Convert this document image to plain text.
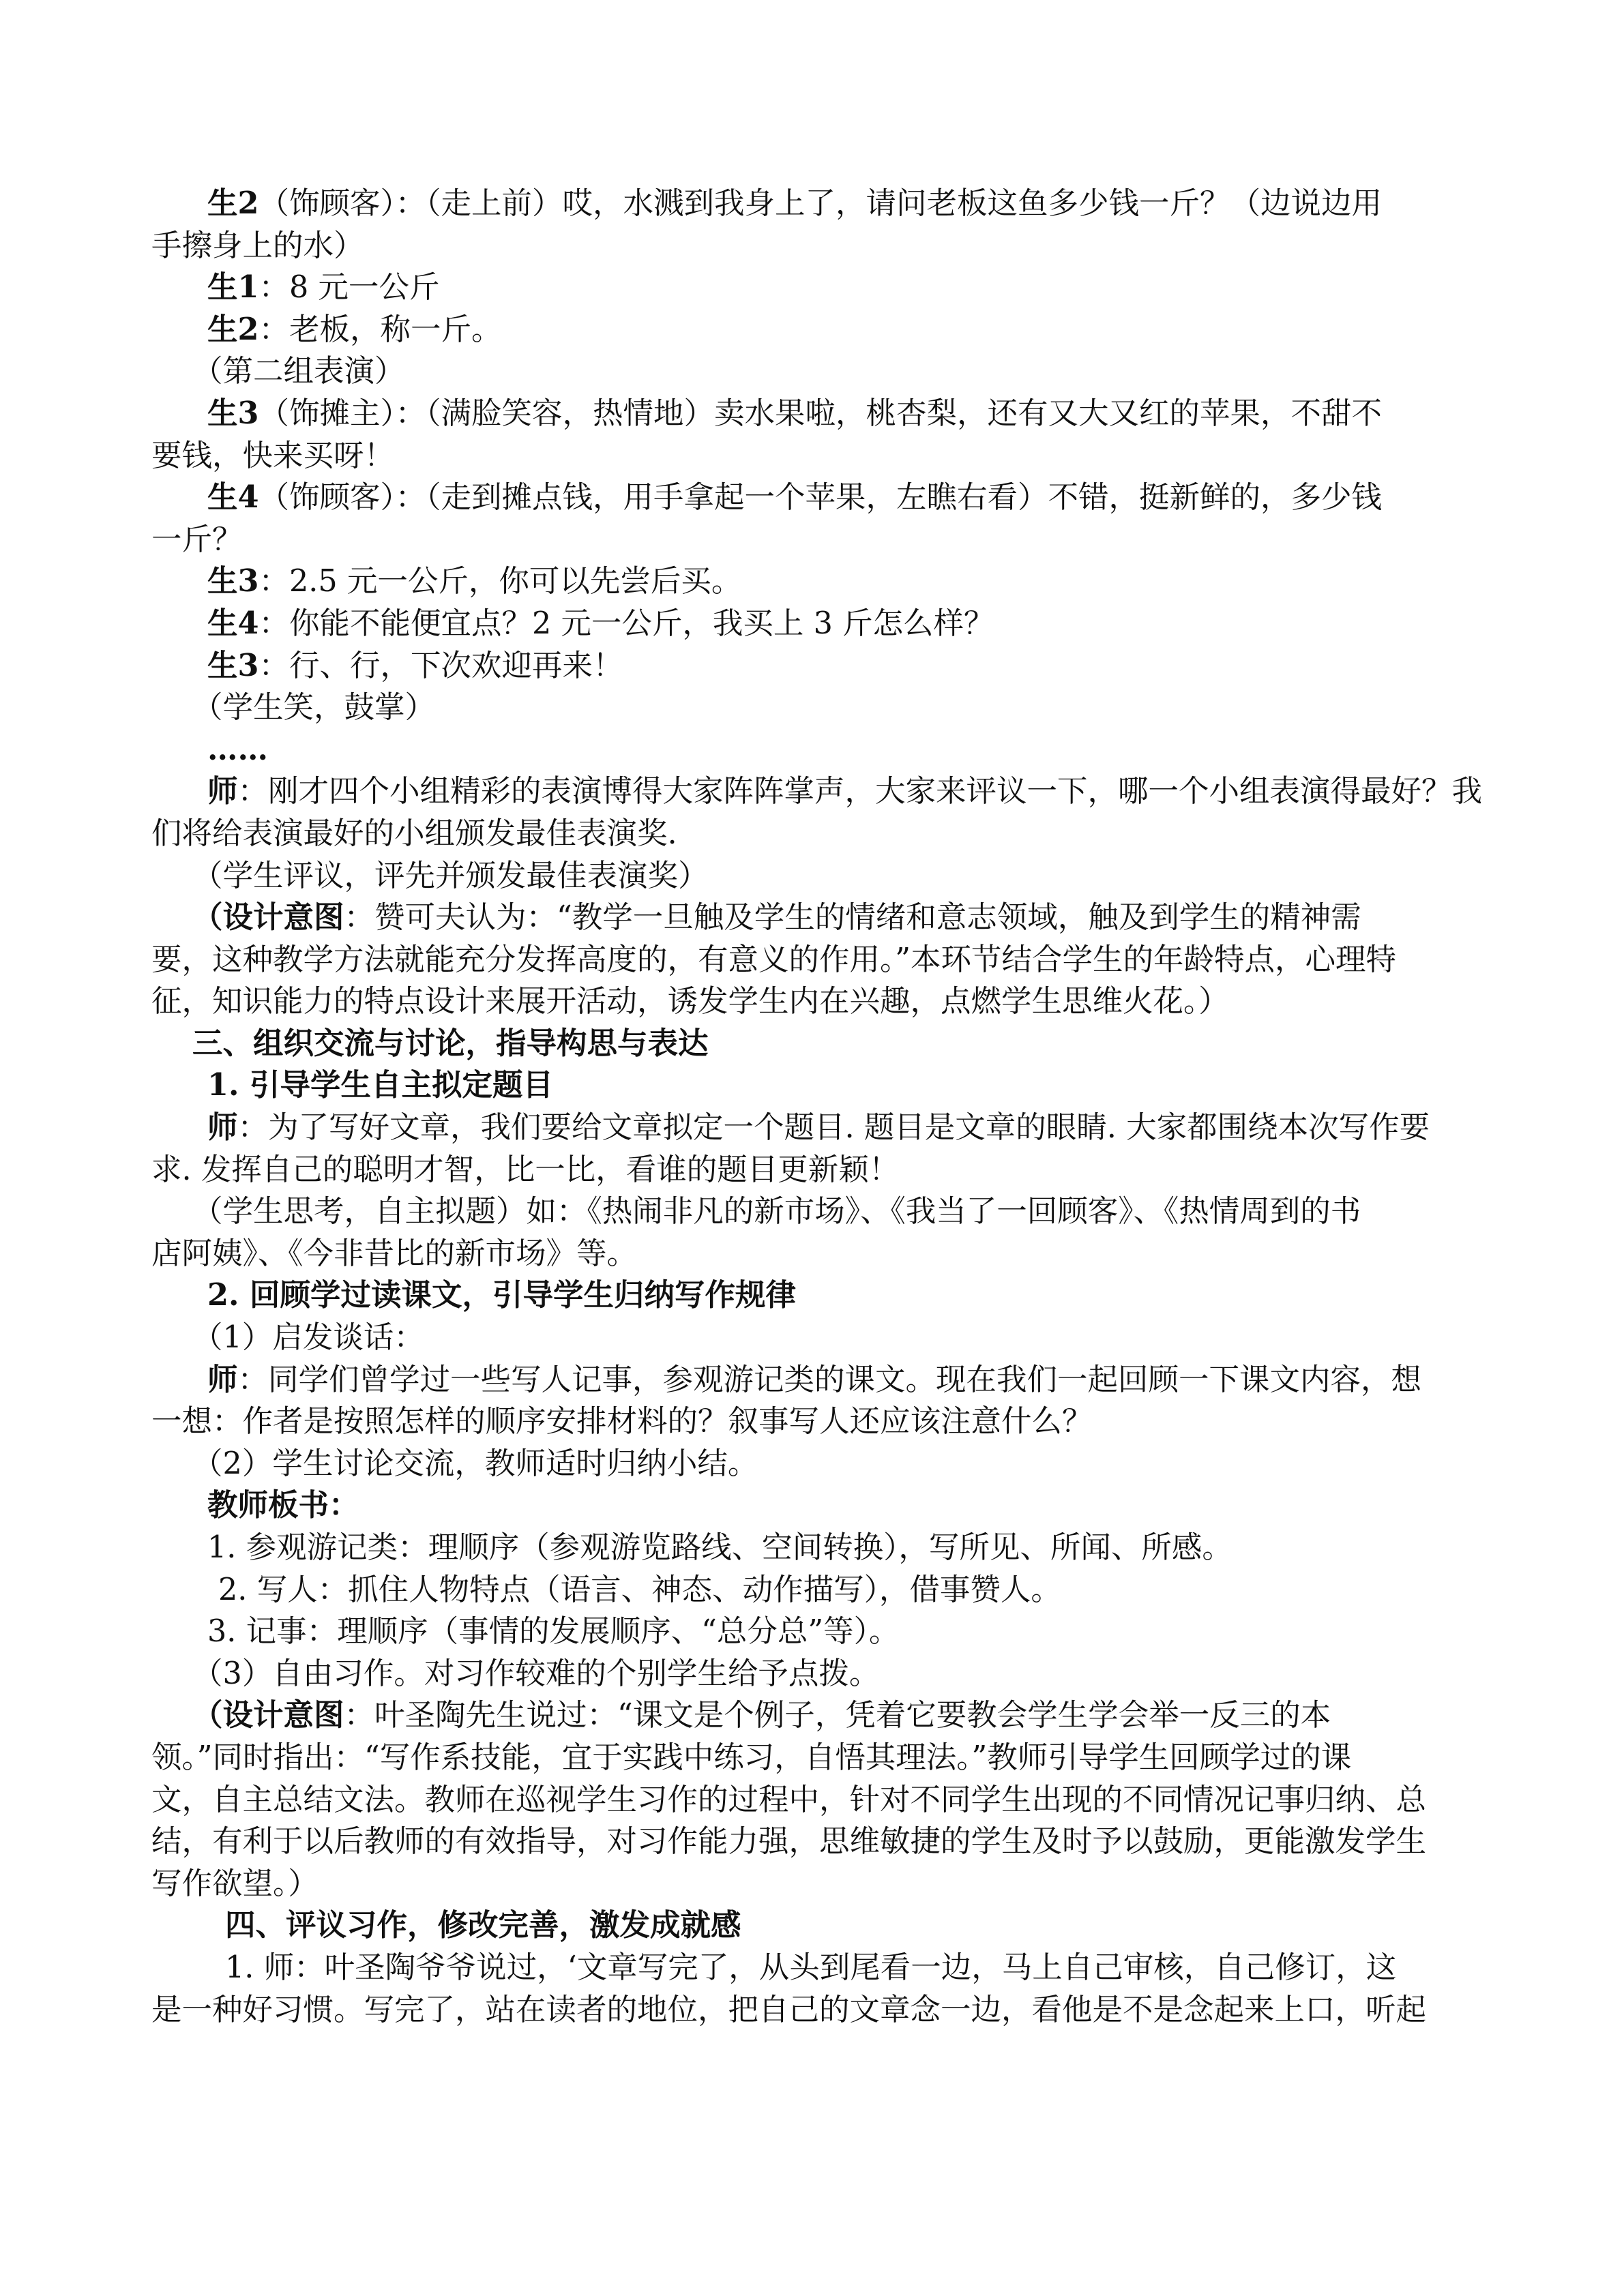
生2（饰顾客）：（走上前）哎，水溅到我身上了，请问老板这鱼多少钱一斤？（边说边用
手擦身上的水）
生1：8 元一公斤
生2：老板，称一斤。
（第二组表演）
生3（饰摊主）：（满脸笑容，热情地）卖水果啦，桃杏梨，还有又大又红的苹果，不甜不
要钱，快来买呀！
生4（饰顾客）：（走到摊点钱，用手拿起一个苹果，左瞧右看）不错，挺新鲜的，多少钱
一斤？
生3：2.5 元一公斤，你可以先尝后买。
生4：你能不能便宜点？2 元一公斤，我买上 3 斤怎么样？
生3：行、行，下次欢迎再来！
（学生笑，鼓掌）
……
师：刚才四个小组精彩的表演博得大家阵阵掌声，大家来评议一下，哪一个小组表演得最好？我
们将给表演最好的小组颁发最佳表演奖.
（学生评议，评先并颁发最佳表演奖）
（设计意图：赞可夫认为：“教学一旦触及学生的情绪和意志领域，触及到学生的精神需
要，这种教学方法就能充分发挥高度的，有意义的作用。”本环节结合学生的年龄特点，心理特
征，知识能力的特点设计来展开活动，诱发学生内在兴趣，点燃学生思维火花。）
三、组织交流与讨论，指导构思与表达
1. 引导学生自主拟定题目
师：为了写好文章，我们要给文章拟定一个题目. 题目是文章的眼睛. 大家都围绕本次写作要
求. 发挥自己的聪明才智，比一比，看谁的题目更新颖！
（学生思考，自主拟题）如：《热闹非凡的新市场》、《我当了一回顾客》、《热情周到的书
店阿姨》、《今非昔比的新市场》等。
2. 回顾学过读课文，引导学生归纳写作规律
（1）启发谈话：
师：同学们曾学过一些写人记事，参观游记类的课文。现在我们一起回顾一下课文内容，想
一想：作者是按照怎样的顺序安排材料的？叙事写人还应该注意什么？
（2）学生讨论交流，教师适时归纳小结。
教师板书：
1. 参观游记类：理顺序（参观游览路线、空间转换），写所见、所闻、所感。
2. 写人：抓住人物特点（语言、神态、动作描写），借事赞人。
3. 记事：理顺序（事情的发展顺序、“总分总”等）。
（3）自由习作。对习作较难的个别学生给予点拨。
（设计意图：叶圣陶先生说过：“课文是个例子，凭着它要教会学生学会举一反三的本
领。”同时指出：“写作系技能，宜于实践中练习，自悟其理法。”教师引导学生回顾学过的课
文，自主总结文法。教师在巡视学生习作的过程中，针对不同学生出现的不同情况记事归纳、总
结，有利于以后教师的有效指导，对习作能力强，思维敏捷的学生及时予以鼓励，更能激发学生
写作欲望。）
四、评议习作，修改完善，激发成就感
1. 师：叶圣陶爷爷说过，‘文章写完了，从头到尾看一边，马上自己审核，自己修订，这
是一种好习惯。写完了，站在读者的地位，把自己的文章念一边，看他是不是念起来上口，听起
